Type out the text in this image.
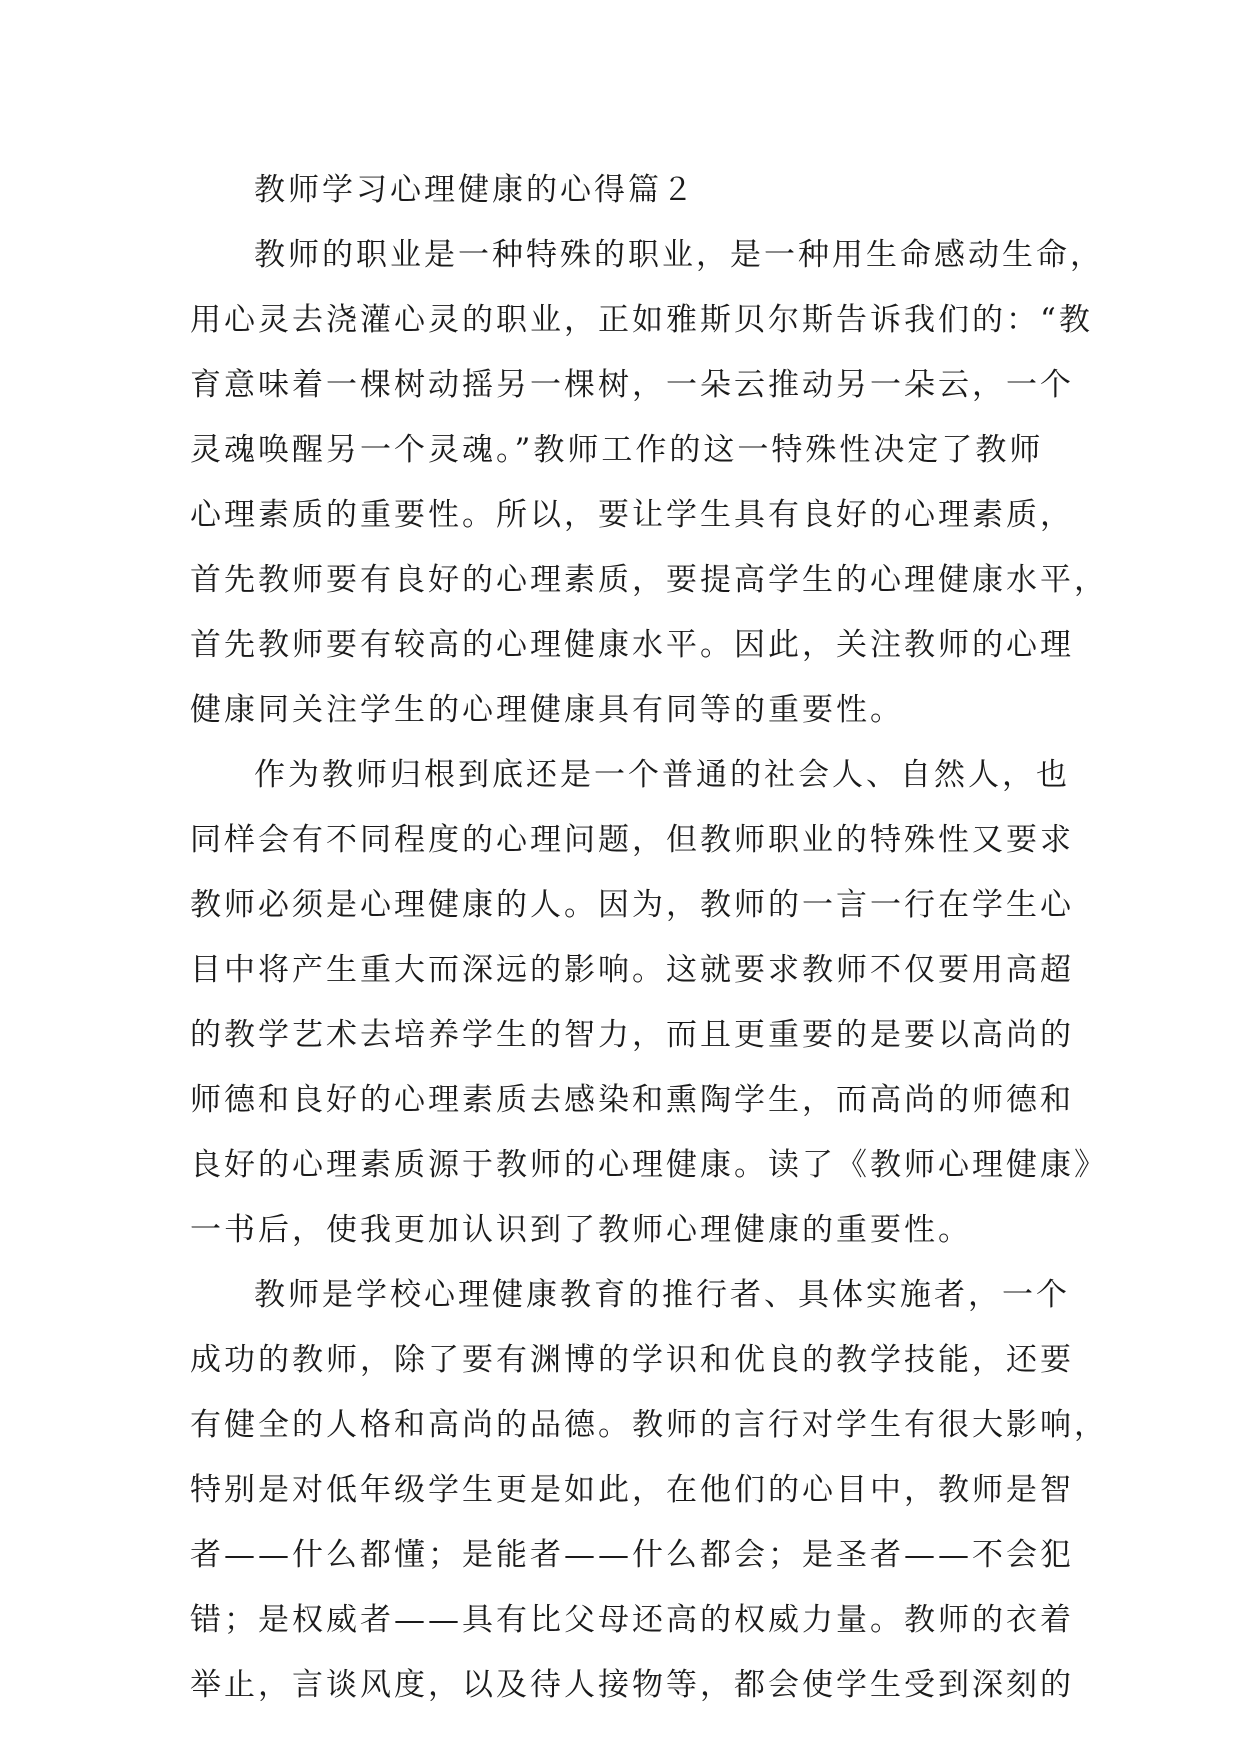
教师学习心理健康的心得篇２
教师的职业是一种特殊的职业，是一种用生命感动生命，
用心灵去浇灌心灵的职业，正如雅斯贝尔斯告诉我们的：“教
育意味着一棵树动摇另一棵树，一朵云推动另一朵云，一个
灵魂唤醒另一个灵魂。”教师工作的这一特殊性决定了教师
心理素质的重要性。所以，要让学生具有良好的心理素质，
首先教师要有良好的心理素质，要提高学生的心理健康水平，
首先教师要有较高的心理健康水平。因此，关注教师的心理
健康同关注学生的心理健康具有同等的重要性。
作为教师归根到底还是一个普通的社会人、自然人，也
同样会有不同程度的心理问题，但教师职业的特殊性又要求
教师必须是心理健康的人。因为，教师的一言一行在学生心
目中将产生重大而深远的影响。这就要求教师不仅要用高超
的教学艺术去培养学生的智力，而且更重要的是要以高尚的
师德和良好的心理素质去感染和熏陶学生，而高尚的师德和
良好的心理素质源于教师的心理健康。读了《教师心理健康》
一书后，使我更加认识到了教师心理健康的重要性。
教师是学校心理健康教育的推行者、具体实施者，一个
成功的教师，除了要有渊博的学识和优良的教学技能，还要
有健全的人格和高尚的品德。教师的言行对学生有很大影响，
特别是对低年级学生更是如此，在他们的心目中，教师是智
者——什么都懂；是能者——什么都会；是圣者——不会犯
错；是权威者——具有比父母还高的权威力量。教师的衣着
举止，言谈风度，以及待人接物等，都会使学生受到深刻的
